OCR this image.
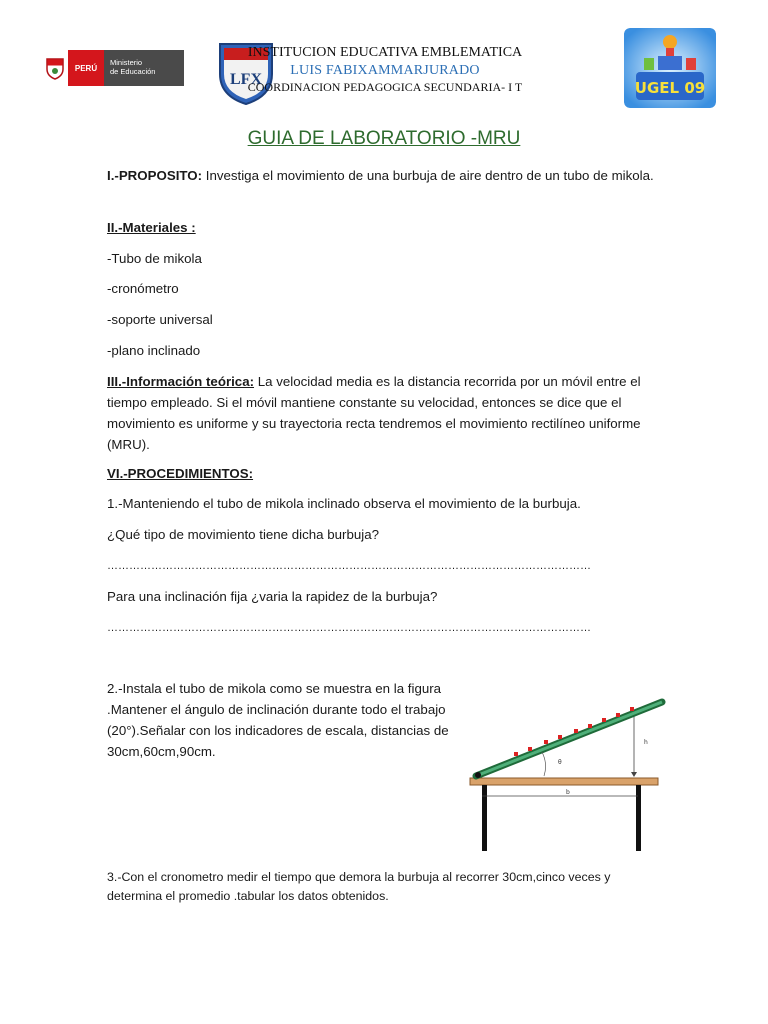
PERÚ
Ministerio
de Educación	LFX
INSTITUCION EDUCATIVA EMBLEMATICA
LUIS FABIXAMMARJURADO
COORDINACION PEDAGOGICA SECUNDARIA- I T	UGEL 09
GUIA DE LABORATORIO -MRU

I.-PROPOSITO: Investiga el movimiento de una burbuja de aire dentro de un tubo de mikola.

II.-Materiales :

-Tubo de mikola

-cronómetro

-soporte universal

-plano inclinado

III.-Información teórica: La velocidad media es la distancia recorrida por un móvil entre el tiempo empleado. Si el móvil mantiene constante su velocidad, entonces se dice que el movimiento es uniforme y su trayectoria recta tendremos el movimiento rectilíneo uniforme (MRU).

VI.-PROCEDIMIENTOS:

1.-Manteniendo el tubo de mikola inclinado observa el movimiento de la burbuja.

¿Qué tipo de movimiento tiene dicha burbuja?

……………………………………………………………………………………………………………………

Para una inclinación fija ¿varia la rapidez de la burbuja?

……………………………………………………………………………………………………………………

2.-Instala el tubo de mikola como se muestra en la figura .Mantener el ángulo de inclinación durante todo el trabajo (20°).Señalar con los indicadores de escala, distancias de 30cm,60cm,90cm.

b
h
θ

3.-Con el cronometro medir el tiempo que demora la burbuja al recorrer 30cm,cinco veces y determina el promedio .tabular los datos obtenidos.
